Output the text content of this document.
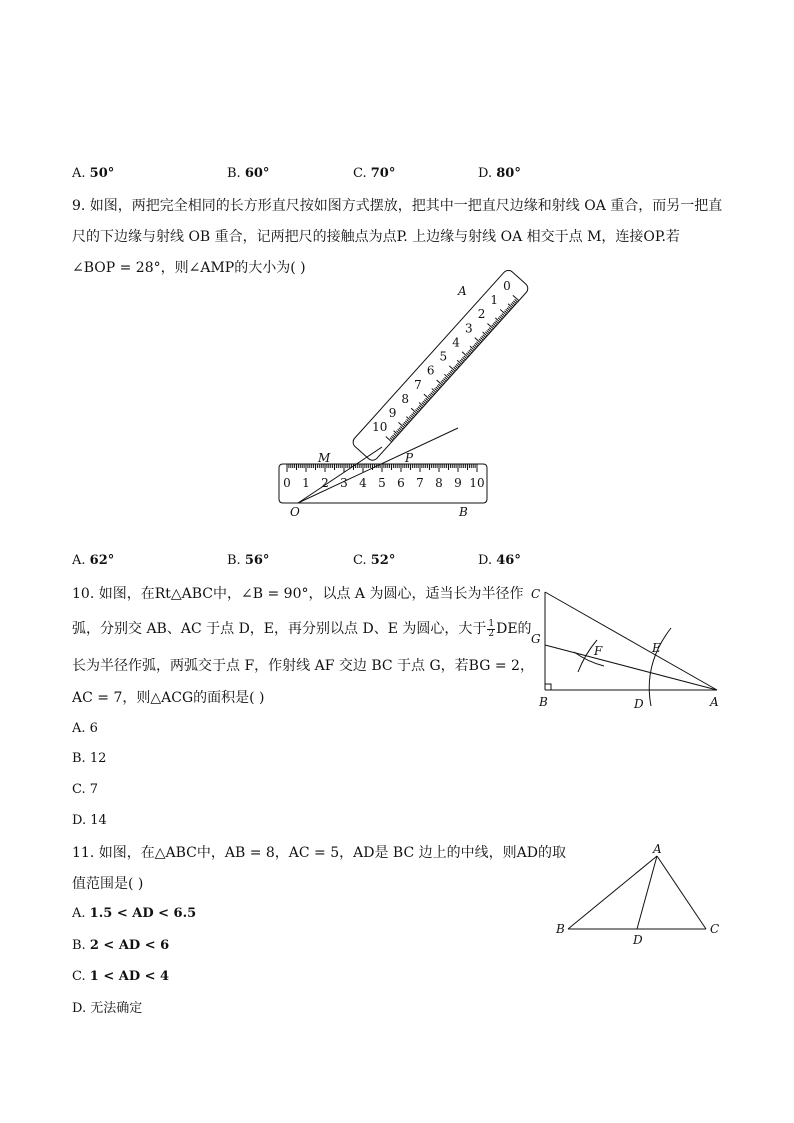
A. 50°	B. 60°	C. 70°	D. 80°
9. 如图，两把完全相同的长方形直尺按如图方式摆放，把其中一把直尺边缘和射线 OA 重合，而另一把直
尺的下边缘与射线 OB 重合，记两把尺的接触点为点P. 上边缘与射线 OA 相交于点 M，连接OP.若
∠BOP = 28°，则∠AMP的大小为( )
0
1
2
3
4
5
6
7
8
9
10
0 1 2 3 4 5 6 7 8 9 10
A
M	P
O	B
A. 62°	B. 56°	C. 52°	D. 46°
10. 如图，在Rt△ABC中，∠B = 90°，以点 A 为圆心，适当长为半径作
弧，分别交 AB、AC 于点 D，E，再分别以点 D、E 为圆心，大于 $\frac{1}{2}$ DE的
长为半径作弧，两弧交于点 F，作射线 AF 交边 BC 于点 G，若BG = 2，
AC = 7，则△ACG的面积是( )
C
G
F	E
B	D	A
A. 6
B. 12
C. 7
D. 14
11. 如图，在△ABC中，AB = 8，AC = 5，AD是 BC 边上的中线，则AD的取
值范围是( )
A. 1.5 < AD < 6.5
B. 2 < AD < 6
C. 1 < AD < 4
D. 无法确定
A
B
D
C
